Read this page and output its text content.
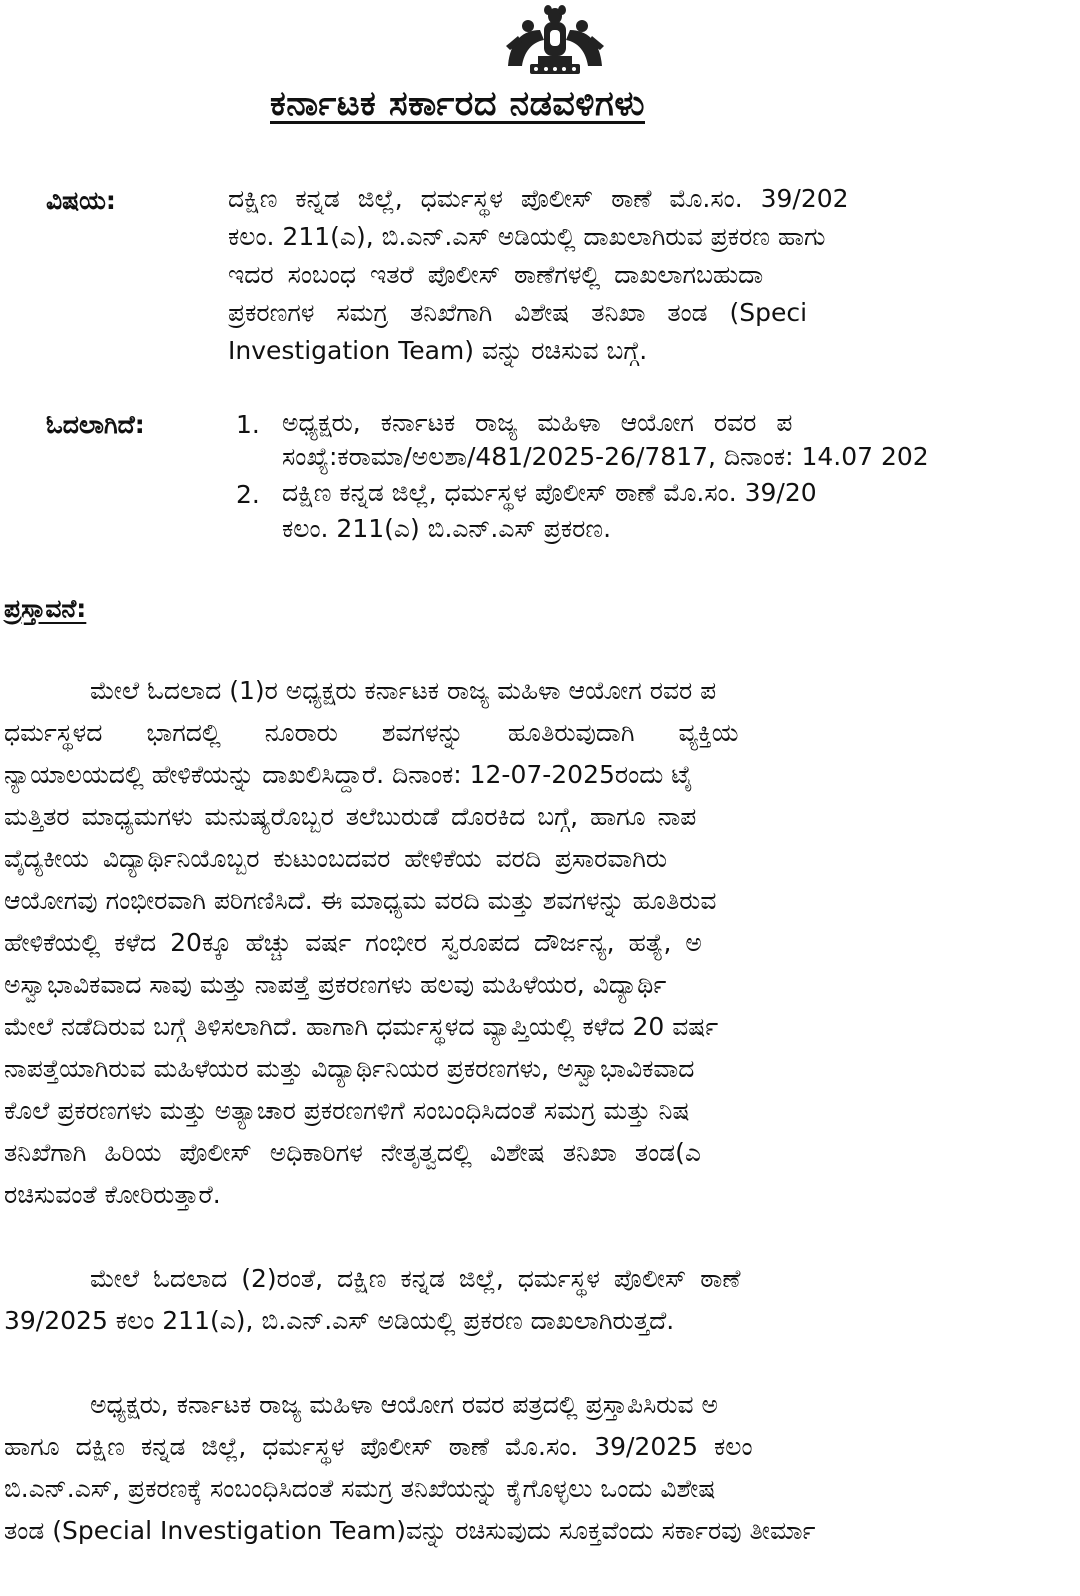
ಕರ್ನಾಟಕ ಸರ್ಕಾರದ ನಡವಳಿಗಳು
ವಿಷಯ:	ದಕ್ಷಿಣ ಕನ್ನಡ ಜಿಲ್ಲೆ, ಧರ್ಮಸ್ಥಳ ಪೊಲೀಸ್ ಠಾಣೆ ಮೊ.ಸಂ. 39/202
ಕಲಂ. 211(ಎ), ಬಿ.ಎನ್.ಎಸ್ ಅಡಿಯಲ್ಲಿ ದಾಖಲಾಗಿರುವ ಪ್ರಕರಣ ಹಾಗು
ಇದರ ಸಂಬಂಧ ಇತರೆ ಪೊಲೀಸ್ ಠಾಣೆಗಳಲ್ಲಿ ದಾಖಲಾಗಬಹುದಾ
ಪ್ರಕರಣಗಳ ಸಮಗ್ರ ತನಿಖೆಗಾಗಿ ವಿಶೇಷ ತನಿಖಾ ತಂಡ (Speci
Investigation Team) ವನ್ನು ರಚಿಸುವ ಬಗ್ಗೆ.
ಓದಲಾಗಿದೆ:	1. ಅಧ್ಯಕ್ಷರು, ಕರ್ನಾಟಕ ರಾಜ್ಯ ಮಹಿಳಾ ಆಯೋಗ ರವರ ಪ
ಸಂಖ್ಯೆ:ಕರಾಮಾ/ಅಲಶಾ/481/2025-26/7817, ದಿನಾಂಕ: 14.07 202
2. ದಕ್ಷಿಣ ಕನ್ನಡ ಜಿಲ್ಲೆ, ಧರ್ಮಸ್ಥಳ ಪೊಲೀಸ್ ಠಾಣೆ ಮೊ.ಸಂ. 39/20
ಕಲಂ. 211(ಎ) ಬಿ.ಎನ್.ಎಸ್ ಪ್ರಕರಣ.
ಪ್ರಸ್ತಾವನೆ:
ಮೇಲೆ ಓದಲಾದ (1)ರ ಅಧ್ಯಕ್ಷರು ಕರ್ನಾಟಕ ರಾಜ್ಯ ಮಹಿಳಾ ಆಯೋಗ ರವರ ಪ
ಧರ್ಮಸ್ಥಳದ ಭಾಗದಲ್ಲಿ ನೂರಾರು ಶವಗಳನ್ನು ಹೂತಿರುವುದಾಗಿ ವ್ಯಕ್ತಿಯ
ನ್ಯಾಯಾಲಯದಲ್ಲಿ ಹೇಳಿಕೆಯನ್ನು ದಾಖಲಿಸಿದ್ದಾರೆ. ದಿನಾಂಕ: 12-07-2025ರಂದು ಟೈ
ಮತ್ತಿತರ ಮಾಧ್ಯಮಗಳು ಮನುಷ್ಯರೊಬ್ಬರ ತಲೆಬುರುಡೆ ದೊರಕಿದ ಬಗ್ಗೆ, ಹಾಗೂ ನಾಪ
ವೈದ್ಯಕೀಯ ವಿದ್ಯಾರ್ಥಿನಿಯೊಬ್ಬರ ಕುಟುಂಬದವರ ಹೇಳಿಕೆಯ ವರದಿ ಪ್ರಸಾರವಾಗಿರು
ಆಯೋಗವು ಗಂಭೀರವಾಗಿ ಪರಿಗಣಿಸಿದೆ. ಈ ಮಾಧ್ಯಮ ವರದಿ ಮತ್ತು ಶವಗಳನ್ನು ಹೂತಿರುವ
ಹೇಳಿಕೆಯಲ್ಲಿ ಕಳೆದ 20ಕ್ಕೂ ಹೆಚ್ಚು ವರ್ಷ ಗಂಭೀರ ಸ್ವರೂಪದ ದೌರ್ಜನ್ಯ, ಹತ್ಯೆ, ಅ
ಅಸ್ವಾಭಾವಿಕವಾದ ಸಾವು ಮತ್ತು ನಾಪತ್ತೆ ಪ್ರಕರಣಗಳು ಹಲವು ಮಹಿಳೆಯರ, ವಿದ್ಯಾರ್ಥಿ
ಮೇಲೆ ನಡೆದಿರುವ ಬಗ್ಗೆ ತಿಳಿಸಲಾಗಿದೆ. ಹಾಗಾಗಿ ಧರ್ಮಸ್ಥಳದ ವ್ಯಾಪ್ತಿಯಲ್ಲಿ ಕಳೆದ 20 ವರ್ಷ
ನಾಪತ್ತೆಯಾಗಿರುವ ಮಹಿಳೆಯರ ಮತ್ತು ವಿದ್ಯಾರ್ಥಿನಿಯರ ಪ್ರಕರಣಗಳು, ಅಸ್ವಾಭಾವಿಕವಾದ
ಕೊಲೆ ಪ್ರಕರಣಗಳು ಮತ್ತು ಅತ್ಯಾಚಾರ ಪ್ರಕರಣಗಳಿಗೆ ಸಂಬಂಧಿಸಿದಂತೆ ಸಮಗ್ರ ಮತ್ತು ನಿಷ
ತನಿಖೆಗಾಗಿ ಹಿರಿಯ ಪೊಲೀಸ್ ಅಧಿಕಾರಿಗಳ ನೇತೃತ್ವದಲ್ಲಿ ವಿಶೇಷ ತನಿಖಾ ತಂಡ(ಎ
ರಚಿಸುವಂತೆ ಕೋರಿರುತ್ತಾರೆ.
ಮೇಲೆ ಓದಲಾದ (2)ರಂತೆ, ದಕ್ಷಿಣ ಕನ್ನಡ ಜಿಲ್ಲೆ, ಧರ್ಮಸ್ಥಳ ಪೊಲೀಸ್ ಠಾಣೆ
39/2025 ಕಲಂ 211(ಎ), ಬಿ.ಎನ್.ಎಸ್ ಅಡಿಯಲ್ಲಿ ಪ್ರಕರಣ ದಾಖಲಾಗಿರುತ್ತದೆ.
ಅಧ್ಯಕ್ಷರು, ಕರ್ನಾಟಕ ರಾಜ್ಯ ಮಹಿಳಾ ಆಯೋಗ ರವರ ಪತ್ರದಲ್ಲಿ ಪ್ರಸ್ತಾಪಿಸಿರುವ ಅ
ಹಾಗೂ ದಕ್ಷಿಣ ಕನ್ನಡ ಜಿಲ್ಲೆ, ಧರ್ಮಸ್ಥಳ ಪೊಲೀಸ್ ಠಾಣೆ ಮೊ.ಸಂ. 39/2025 ಕಲಂ
ಬಿ.ಎನ್.ಎಸ್, ಪ್ರಕರಣಕ್ಕೆ ಸಂಬಂಧಿಸಿದಂತೆ ಸಮಗ್ರ ತನಿಖೆಯನ್ನು ಕೈಗೊಳ್ಳಲು ಒಂದು ವಿಶೇಷ
ತಂಡ (Special Investigation Team)ವನ್ನು ರಚಿಸುವುದು ಸೂಕ್ತವೆಂದು ಸರ್ಕಾರವು ತೀರ್ಮಾ
